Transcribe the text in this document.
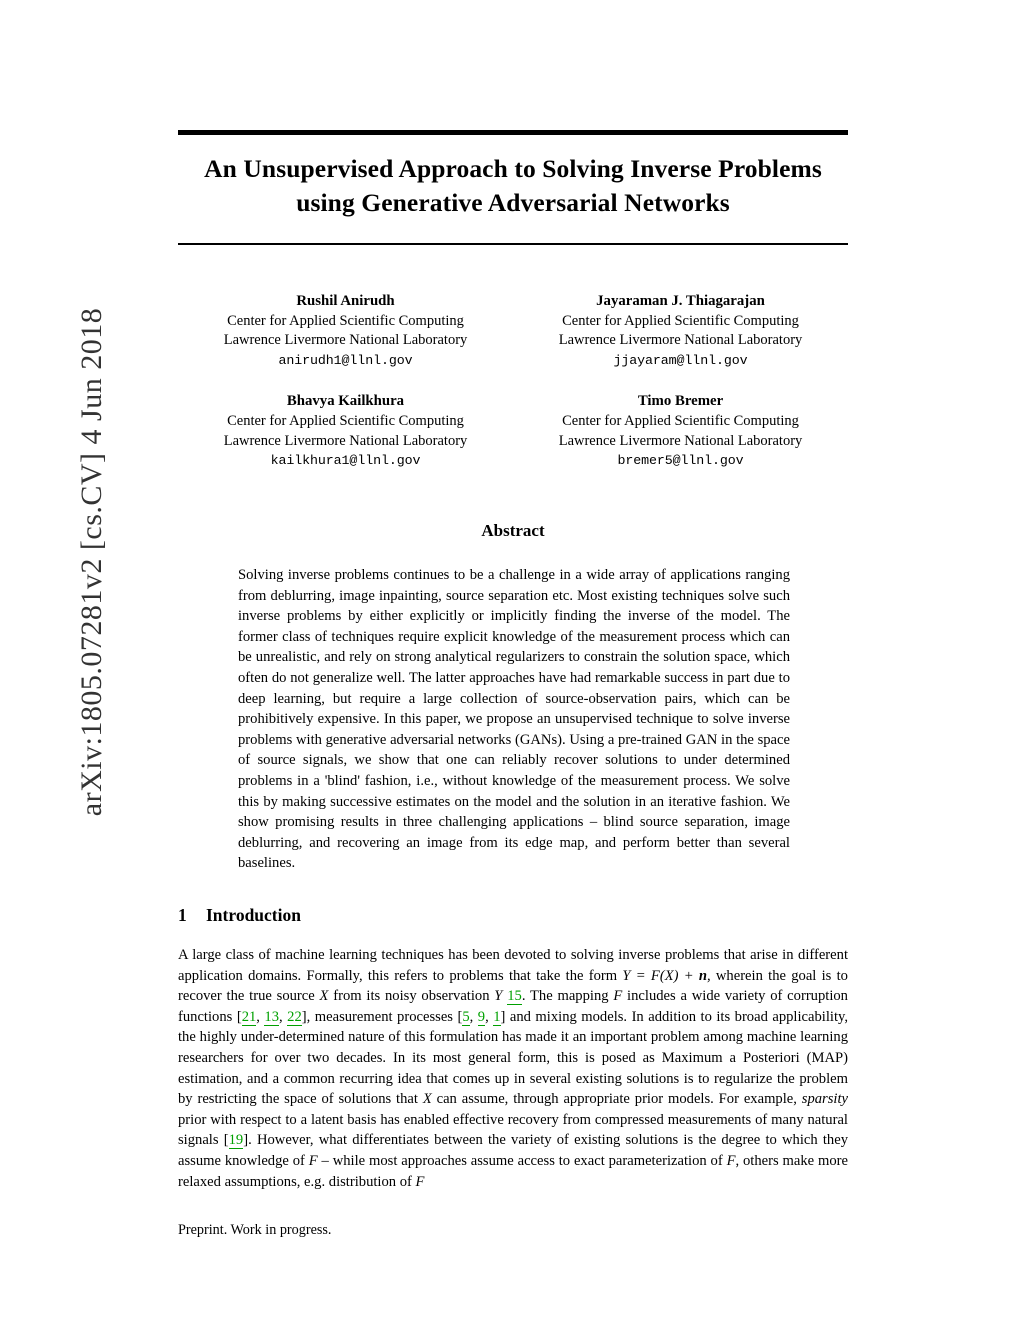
arXiv:1805.07281v2 [cs.CV] 4 Jun 2018
An Unsupervised Approach to Solving Inverse Problems using Generative Adversarial Networks
Rushil Anirudh
Center for Applied Scientific Computing
Lawrence Livermore National Laboratory
anirudh1@llnl.gov
Jayaraman J. Thiagarajan
Center for Applied Scientific Computing
Lawrence Livermore National Laboratory
jjayaram@llnl.gov
Bhavya Kailkhura
Center for Applied Scientific Computing
Lawrence Livermore National Laboratory
kailkhura1@llnl.gov
Timo Bremer
Center for Applied Scientific Computing
Lawrence Livermore National Laboratory
bremer5@llnl.gov
Abstract
Solving inverse problems continues to be a challenge in a wide array of applications ranging from deblurring, image inpainting, source separation etc. Most existing techniques solve such inverse problems by either explicitly or implicitly finding the inverse of the model. The former class of techniques require explicit knowledge of the measurement process which can be unrealistic, and rely on strong analytical regularizers to constrain the solution space, which often do not generalize well. The latter approaches have had remarkable success in part due to deep learning, but require a large collection of source-observation pairs, which can be prohibitively expensive. In this paper, we propose an unsupervised technique to solve inverse problems with generative adversarial networks (GANs). Using a pre-trained GAN in the space of source signals, we show that one can reliably recover solutions to under determined problems in a 'blind' fashion, i.e., without knowledge of the measurement process. We solve this by making successive estimates on the model and the solution in an iterative fashion. We show promising results in three challenging applications – blind source separation, image deblurring, and recovering an image from its edge map, and perform better than several baselines.
1 Introduction
A large class of machine learning techniques has been devoted to solving inverse problems that arise in different application domains. Formally, this refers to problems that take the form Y = F(X) + n, wherein the goal is to recover the true source X from its noisy observation Y 15. The mapping F includes a wide variety of corruption functions [21, 13, 22], measurement processes [5, 9, 1] and mixing models. In addition to its broad applicability, the highly under-determined nature of this formulation has made it an important problem among machine learning researchers for over two decades. In its most general form, this is posed as Maximum a Posteriori (MAP) estimation, and a common recurring idea that comes up in several existing solutions is to regularize the problem by restricting the space of solutions that X can assume, through appropriate prior models. For example, sparsity prior with respect to a latent basis has enabled effective recovery from compressed measurements of many natural signals [19]. However, what differentiates between the variety of existing solutions is the degree to which they assume knowledge of F – while most approaches assume access to exact parameterization of F, others make more relaxed assumptions, e.g. distribution of F
Preprint. Work in progress.
